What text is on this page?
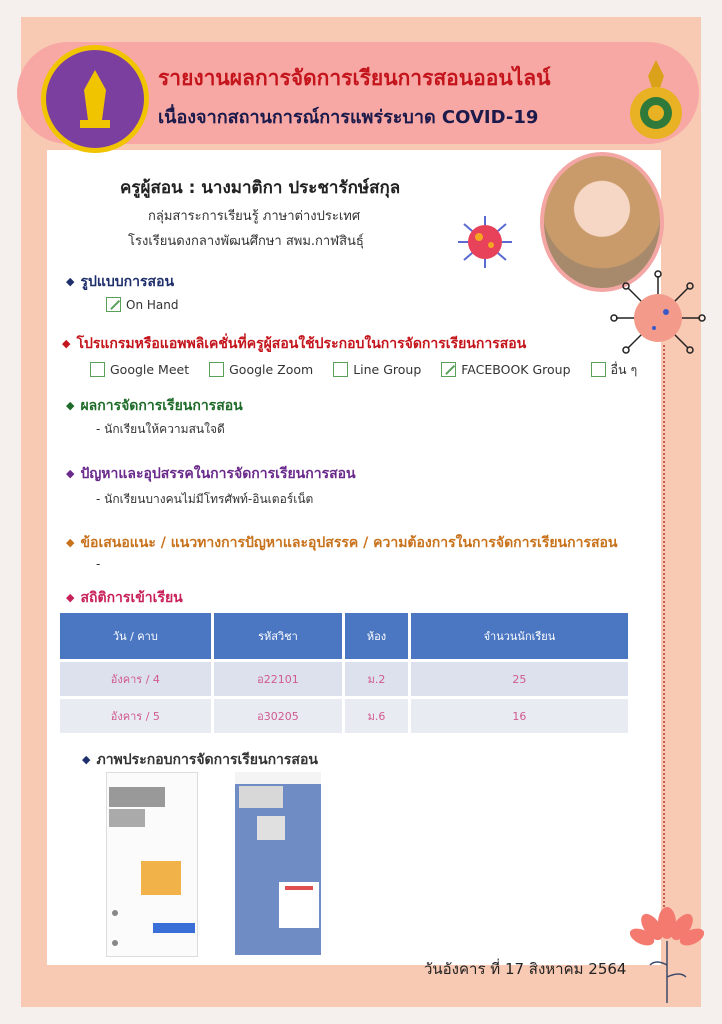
รายงานผลการจัดการเรียนการสอนออนไลน์
เนื่องจากสถานการณ์การแพร่ระบาด COVID-19
ครูผู้สอน : นางมาติกา ประชารักษ์สกุล
กลุ่มสาระการเรียนรู้ ภาษาต่างประเทศ
โรงเรียนดงกลางพัฒนศึกษา สพม.กาฬสินธุ์
◆ รูปแบบการสอน
On Hand
◆ โปรแกรมหรือแอพพลิเคชั่นที่ครูผู้สอนใช้ประกอบในการจัดการเรียนการสอน
Google Meet	Google Zoom	Line Group	FACEBOOK Group	อื่น ๆ
◆ ผลการจัดการเรียนการสอน
- นักเรียนให้ความสนใจดี
◆ ปัญหาและอุปสรรคในการจัดการเรียนการสอน
- นักเรียนบางคนไม่มีโทรศัพท์-อินเตอร์เน็ต
◆ ข้อเสนอแนะ / แนวทางการปัญหาและอุปสรรค / ความต้องการในการจัดการเรียนการสอน
-
◆ สถิติการเข้าเรียน
วัน / คาบ	รหัสวิชา	ห้อง	จำนวนนักเรียน
อังคาร / 4	อ22101	ม.2	25
อังคาร / 5	อ30205	ม.6	16
◆ ภาพประกอบการจัดการเรียนการสอน
วันอังคาร ที่ 17 สิงหาคม 2564
